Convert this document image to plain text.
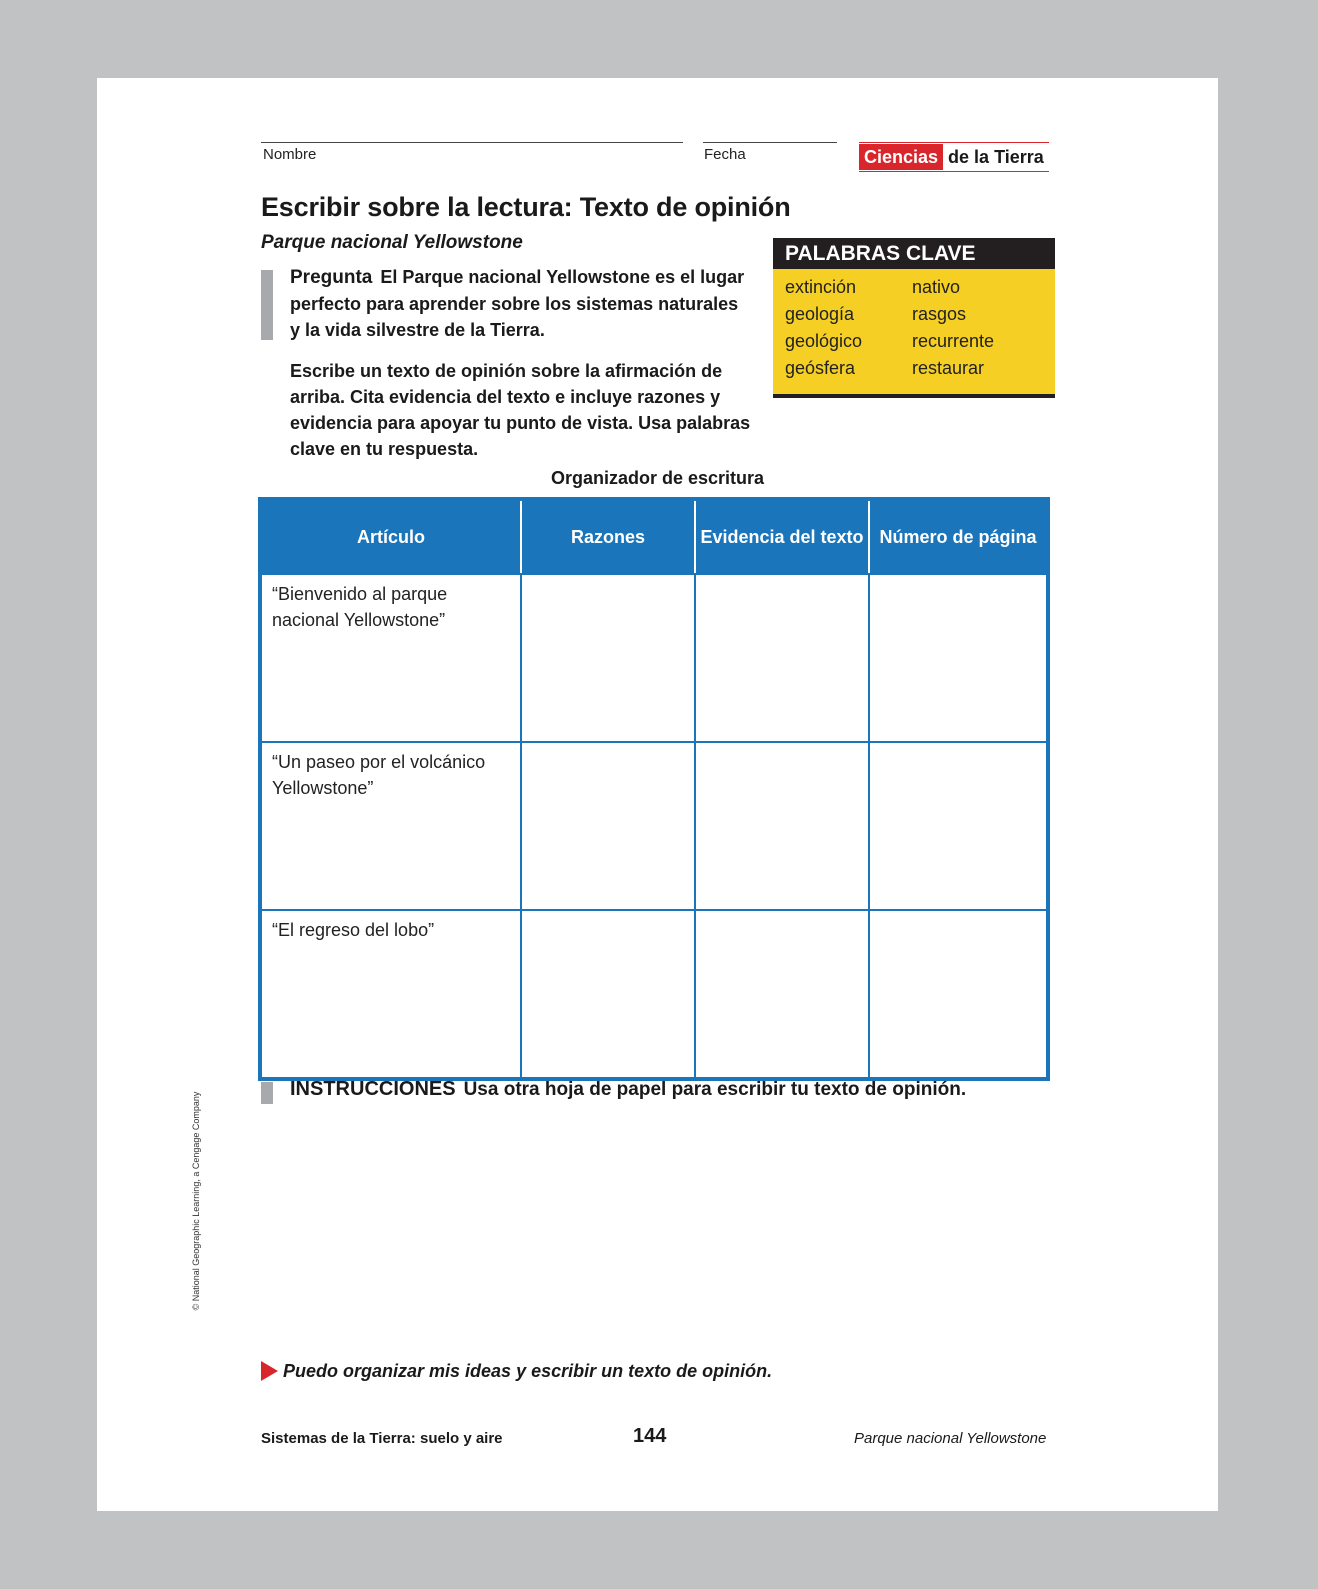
Nombre	Fecha	Ciencias de la Tierra
Escribir sobre la lectura: Texto de opinión
Parque nacional Yellowstone
Pregunta El Parque nacional Yellowstone es el lugar perfecto para aprender sobre los sistemas naturales y la vida silvestre de la Tierra.
Escribe un texto de opinión sobre la afirmación de arriba. Cita evidencia del texto e incluye razones y evidencia para apoyar tu punto de vista. Usa palabras clave en tu respuesta.
PALABRAS CLAVE
extinción	nativo
geología	rasgos
geológico	recurrente
geósfera	restaurar
Organizador de escritura
Artículo	Razones	Evidencia del texto	Número de página
“Bienvenido al parque nacional Yellowstone”			
“Un paseo por el volcánico Yellowstone”			
“El regreso del lobo”			
INSTRUCCIONES Usa otra hoja de papel para escribir tu texto de opinión.
© National Geographic Learning, a Cengage Company
Puedo organizar mis ideas y escribir un texto de opinión.
Sistemas de la Tierra: suelo y aire	144	Parque nacional Yellowstone
